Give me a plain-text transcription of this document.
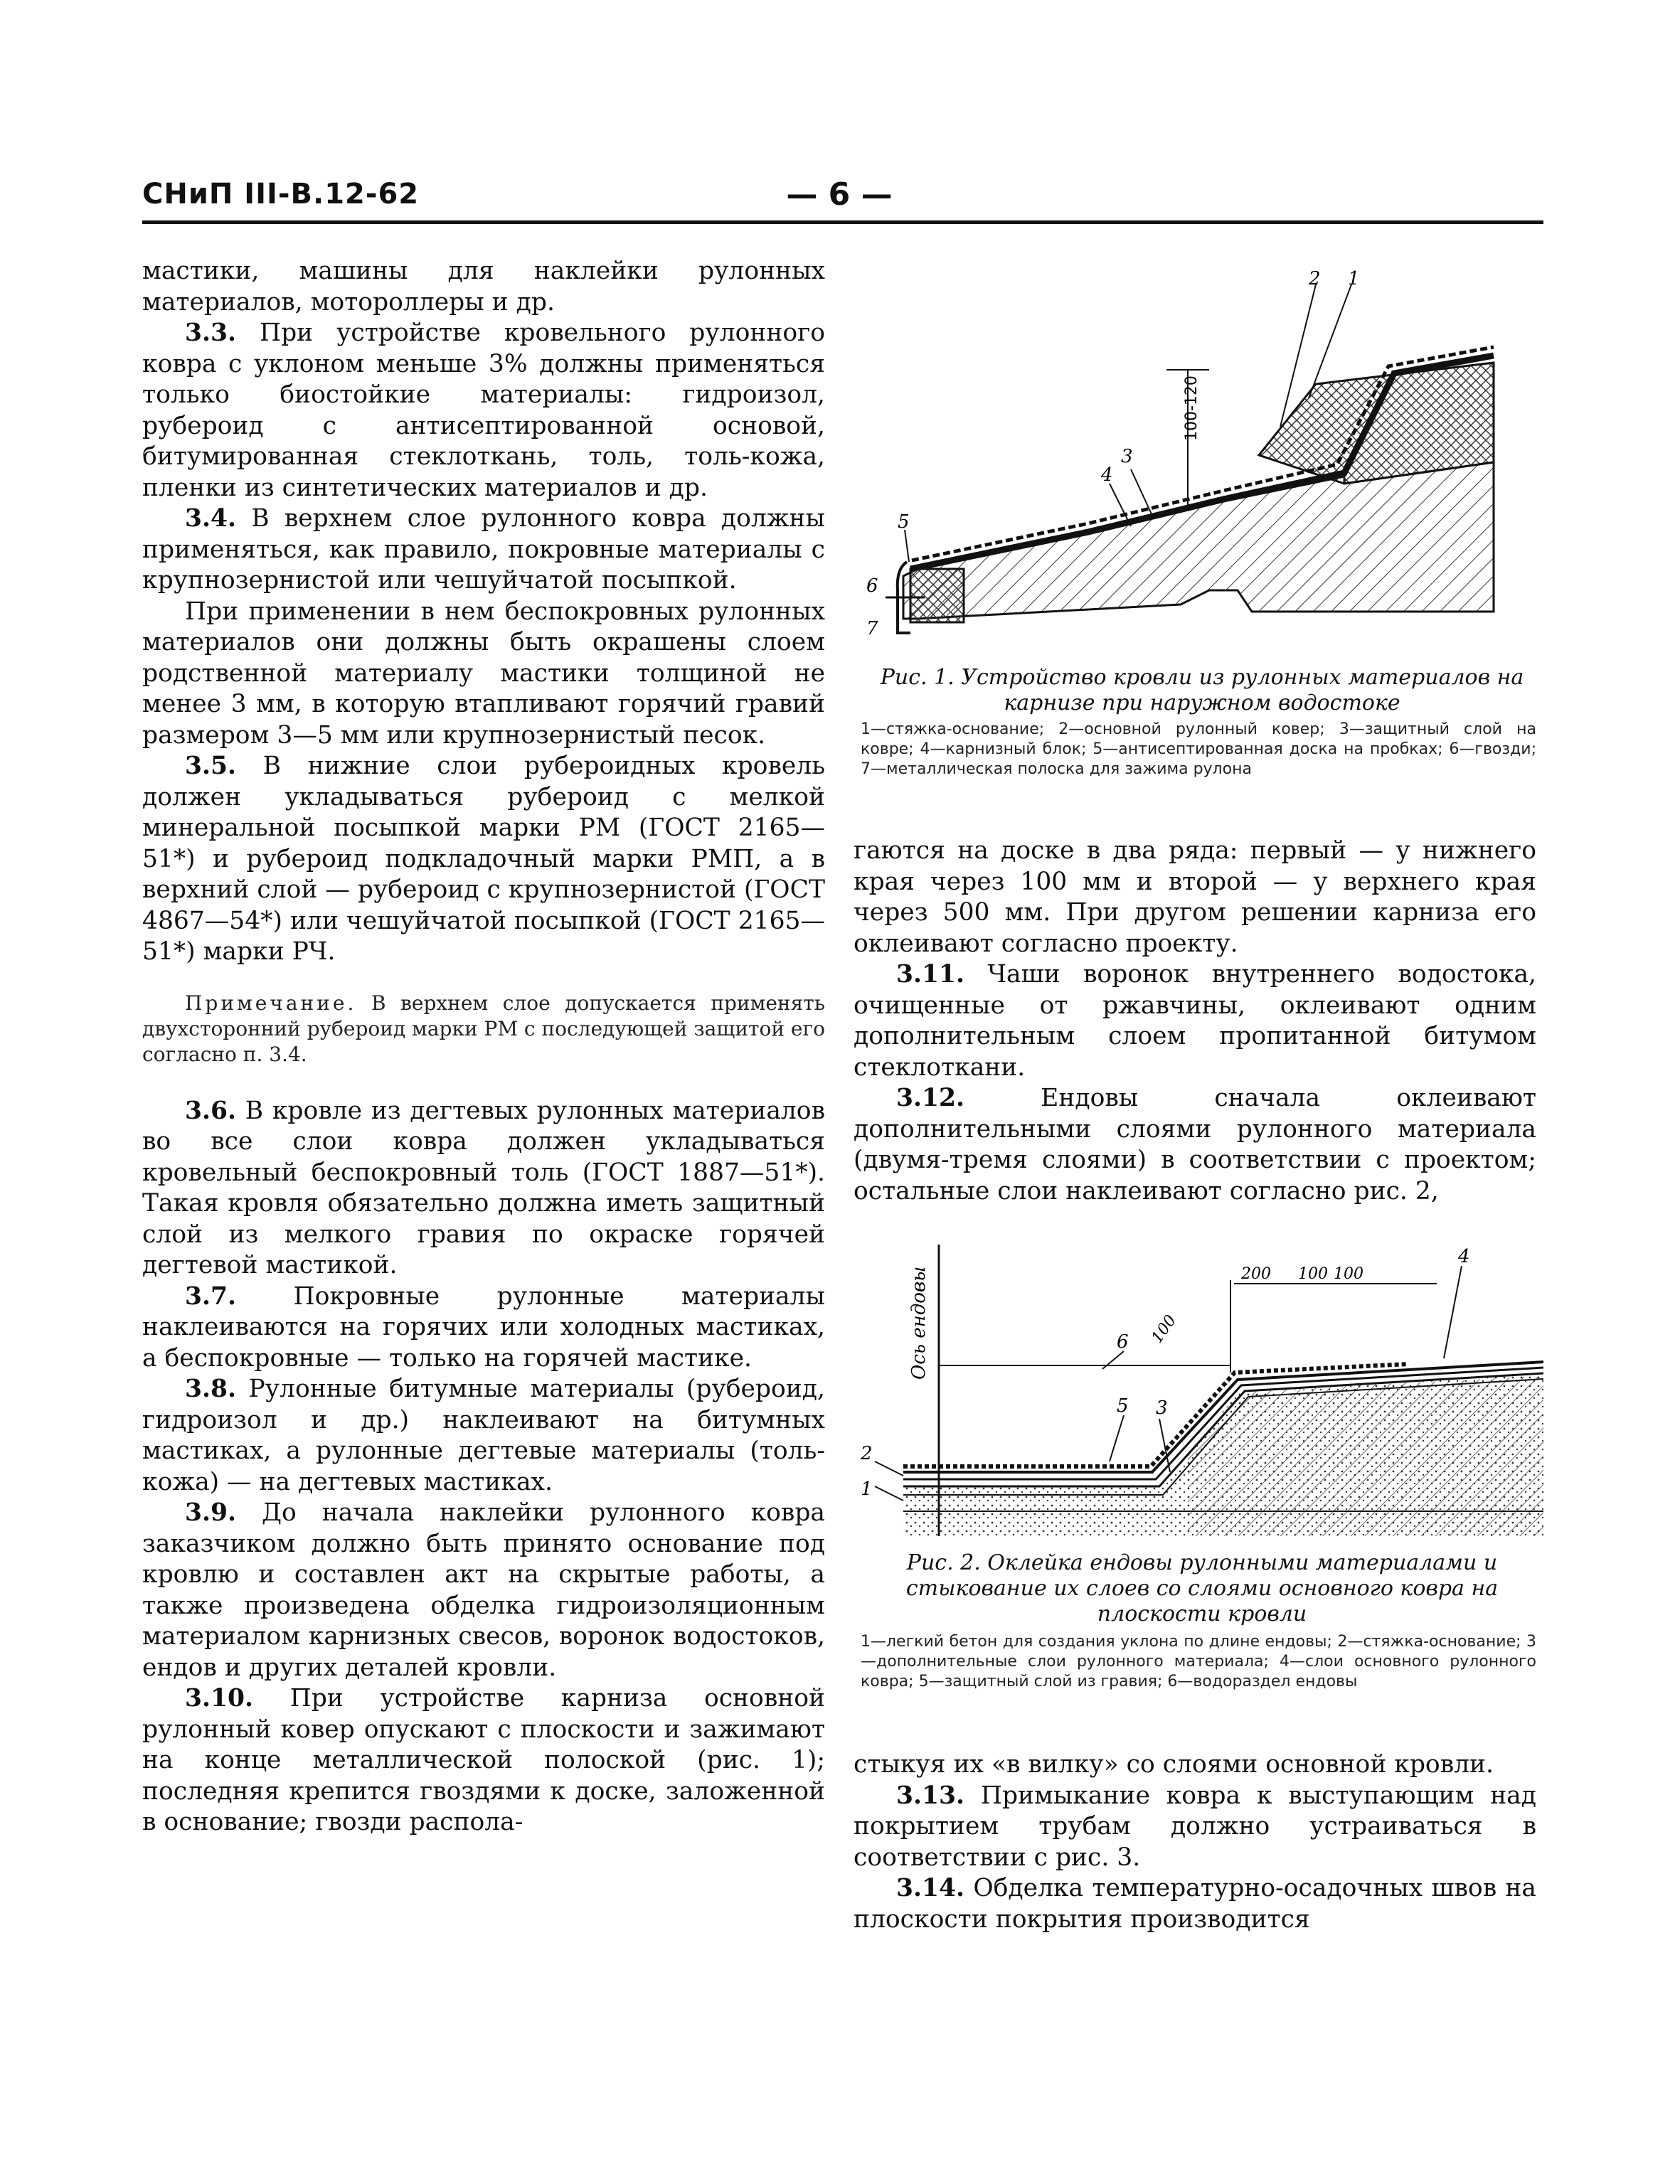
СНиП III-В.12-62	— 6 —

мастики, машины для наклейки рулонных материалов, мотороллеры и др.

3.3. При устройстве кровельного рулонного ковра с уклоном меньше 3% должны применяться только биостойкие материалы: гидроизол, рубероид с антисептированной основой, битумированная стеклоткань, толь, толь-кожа, пленки из синтетических материалов и др.

3.4. В верхнем слое рулонного ковра должны применяться, как правило, покровные материалы с крупнозернистой или чешуйчатой посыпкой.

При применении в нем беспокровных рулонных материалов они должны быть окрашены слоем родственной материалу мастики толщиной не менее 3 мм, в которую втапливают горячий гравий размером 3—5 мм или крупнозернистый песок.

3.5. В нижние слои рубероидных кровель должен укладываться рубероид с мелкой минеральной посыпкой марки РМ (ГОСТ 2165—51*) и рубероид подкладочный марки РМП, а в верхний слой — рубероид с крупнозернистой (ГОСТ 4867—54*) или чешуйчатой посыпкой (ГОСТ 2165—51*) марки РЧ.

Примечание. В верхнем слое допускается применять двухсторонний рубероид марки РМ с последующей защитой его согласно п. 3.4.

3.6. В кровле из дегтевых рулонных материалов во все слои ковра должен укладываться кровельный беспокровный толь (ГОСТ 1887—51*). Такая кровля обязательно должна иметь защитный слой из мелкого гравия по окраске горячей дегтевой мастикой.

3.7. Покровные рулонные материалы наклеиваются на горячих или холодных мастиках, а беспокровные — только на горячей мастике.

3.8. Рулонные битумные материалы (рубероид, гидроизол и др.) наклеивают на битумных мастиках, а рулонные дегтевые материалы (толь-кожа) — на дегтевых мастиках.

3.9. До начала наклейки рулонного ковра заказчиком должно быть принято основание под кровлю и составлен акт на скрытые работы, а также произведена обделка гидроизоляционным материалом карнизных свесов, воронок водостоков, ендов и других деталей кровли.

3.10. При устройстве карниза основной рулонный ковер опускают с плоскости и зажимают на конце металлической полоской (рис. 1); последняя крепится гвоздями к доске, заложенной в основание; гвозди распола-

100-120
2 1
3
4
5
6
7
Рис. 1. Устройство кровли из рулонных материалов на карнизе при наружном водостоке
1—стяжка-основание; 2—основной рулонный ковер; 3—защитный слой на ковре; 4—карнизный блок; 5—антисептированная доска на пробках; 6—гвозди; 7—металлическая полоска для зажима рулона

гаются на доске в два ряда: первый — у нижнего края через 100 мм и второй — у верхнего края через 500 мм. При другом решении карниза его оклеивают согласно проекту.

3.11. Чаши воронок внутреннего водостока, очищенные от ржавчины, оклеивают одним дополнительным слоем пропитанной битумом стеклоткани.

3.12. Ендовы сначала оклеивают дополнительными слоями рулонного материала (двумя-тремя слоями) в соответствии с проектом; остальные слои наклеивают согласно рис. 2,

Ось ендовы	200 100 100
100
6
5 3
4
2
1
Рис. 2. Оклейка ендовы рулонными материалами и стыкование их слоев со слоями основного ковра на плоскости кровли
1—легкий бетон для создания уклона по длине ендовы; 2—стяжка-основание; 3—дополнительные слои рулонного материала; 4—слои основного рулонного ковра; 5—защитный слой из гравия; 6—водораздел ендовы

стыкуя их «в вилку» со слоями основной кровли.

3.13. Примыкание ковра к выступающим над покрытием трубам должно устраиваться в соответствии с рис. 3.

3.14. Обделка температурно-осадочных швов на плоскости покрытия производится
